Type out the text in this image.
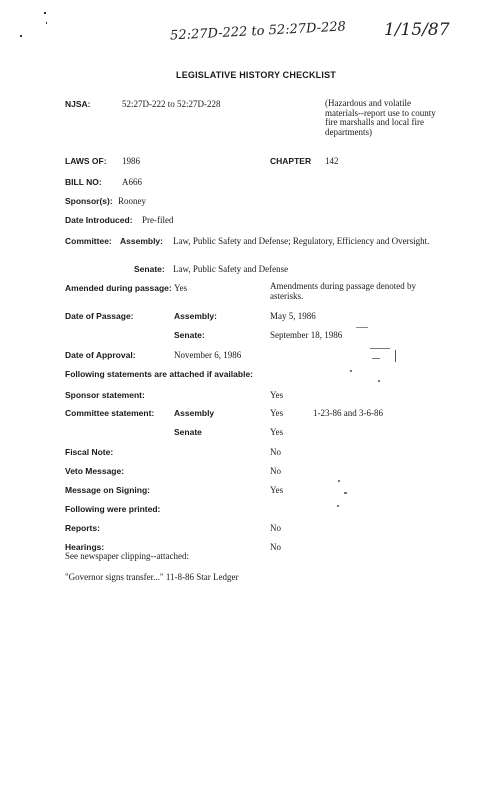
52:27D-222 to 52:27D-228 1/15/87
LEGISLATIVE HISTORY CHECKLIST
NJSA:	52:27D-222 to 52:27D-228	(Hazardous and volatile materials--report use to county fire marshalls and local fire departments)
LAWS OF: 1986	CHAPTER 142
BILL NO: A666
Sponsor(s): Rooney
Date Introduced: Pre-filed
Committee: Assembly: Law, Public Safety and Defense; Regulatory, Efficiency and Oversight.
Senate: Law, Public Safety and Defense
Amended during passage: Yes	Amendments during passage denoted by asterisks.
Date of Passage:	Assembly:	May 5, 1986
Senate:	September 18, 1986
Date of Approval:	November 6, 1986
Following statements are attached if available:
Sponsor statement:	Yes
Committee statement: Assembly	Yes	1-23-86 and 3-6-86
Senate	Yes
Fiscal Note:	No
Veto Message:	No
Message on Signing:	Yes
Following were printed:
Reports:	No
Hearings:	No
See newspaper clipping--attached:
"Governor signs transfer..." 11-8-86 Star Ledger
